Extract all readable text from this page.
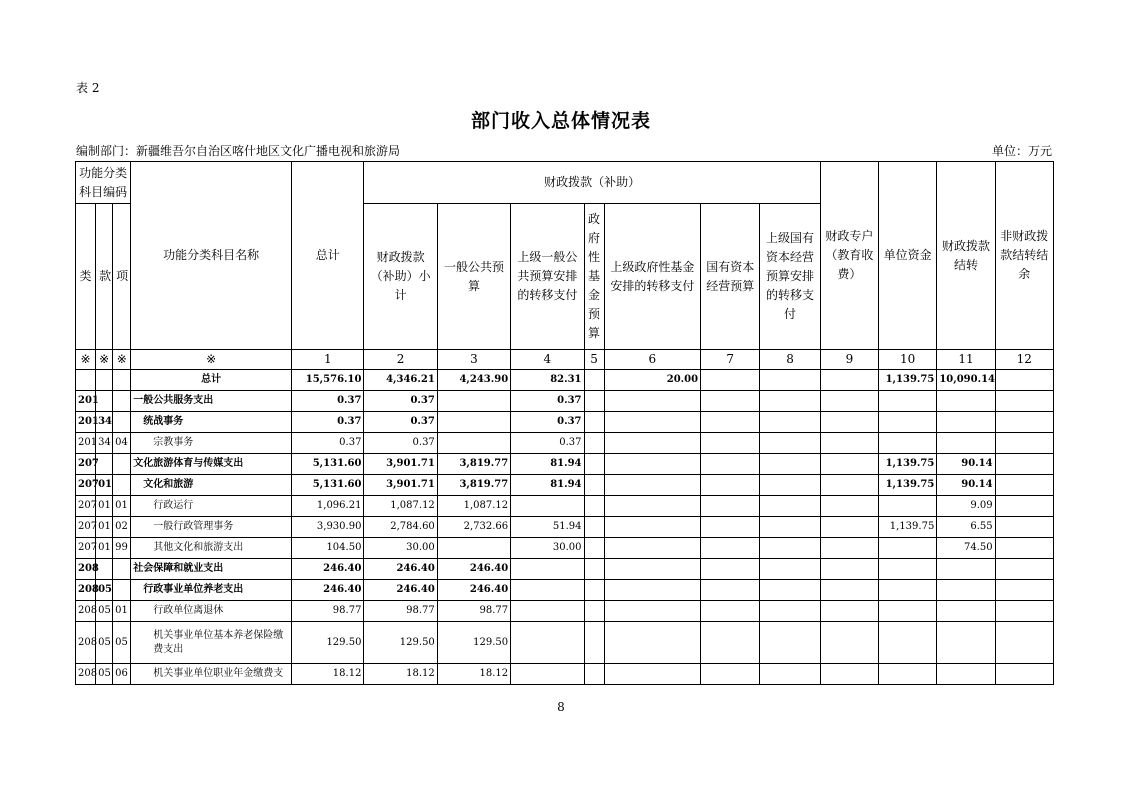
表 2
部门收入总体情况表
编制部门：新疆维吾尔自治区喀什地区文化广播电视和旅游局	单位：万元
功能分类科目编码			功能分类科目名称	总计	财政拨款（补助）							财政专户（教育收费）	单位资金	财政拨款结转	非财政拨款结转结余
类	款	项			财政拨款（补助）小计	一般公共预算	上级一般公共预算安排的转移支付	政府性基金预算	上级政府性基金安排的转移支付	国有资本经营预算	上级国有资本经营预算安排的转移支付				
※	※	※	※	1	2	3	4	5	6	7	8	9	10	11	12
			总计	15,576.10	4,346.21	4,243.90	82.31		20.00				1,139.75	10,090.14	
201			一般公共服务支出	0.37	0.37		0.37								
201	34		统战事务	0.37	0.37		0.37								
201	34	04	宗教事务	0.37	0.37		0.37								
207			文化旅游体育与传媒支出	5,131.60	3,901.71	3,819.77	81.94						1,139.75	90.14	
207	01		文化和旅游	5,131.60	3,901.71	3,819.77	81.94						1,139.75	90.14	
207	01	01	行政运行	1,096.21	1,087.12	1,087.12								9.09	
207	01	02	一般行政管理事务	3,930.90	2,784.60	2,732.66	51.94						1,139.75	6.55	
207	01	99	其他文化和旅游支出	104.50	30.00		30.00							74.50	
208			社会保障和就业支出	246.40	246.40	246.40									
208	05		行政事业单位养老支出	246.40	246.40	246.40									
208	05	01	行政单位离退休	98.77	98.77	98.77									
208	05	05	机关事业单位基本养老保险缴费支出	129.50	129.50	129.50									
208	05	06	机关事业单位职业年金缴费支	18.12	18.12	18.12									
8
